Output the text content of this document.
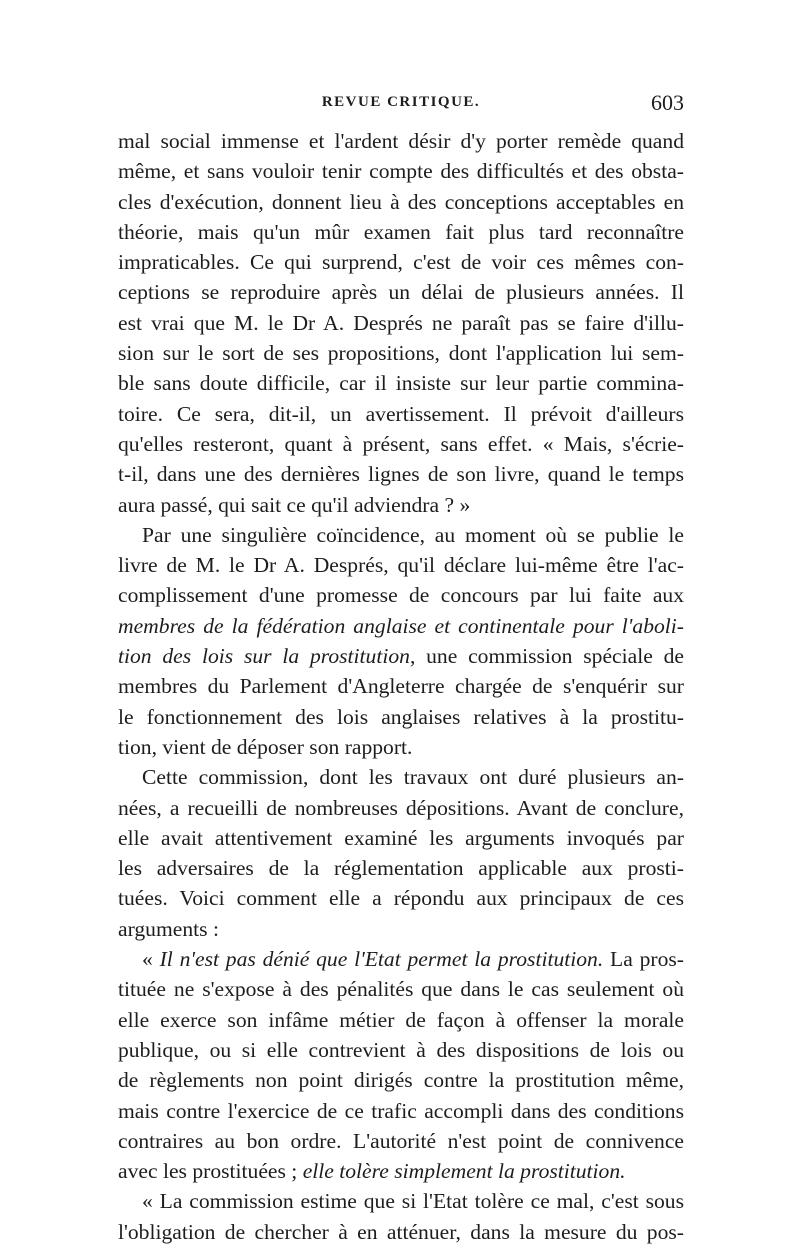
REVUE CRITIQUE.	603
mal social immense et l'ardent désir d'y porter remède quand
même, et sans vouloir tenir compte des difficultés et des obsta-
cles d'exécution, donnent lieu à des conceptions acceptables en
théorie, mais qu'un mûr examen fait plus tard reconnaître
impraticables. Ce qui surprend, c'est de voir ces mêmes con-
ceptions se reproduire après un délai de plusieurs années. Il
est vrai que M. le Dr A. Després ne paraît pas se faire d'illu-
sion sur le sort de ses propositions, dont l'application lui sem-
ble sans doute difficile, car il insiste sur leur partie commina-
toire. Ce sera, dit-il, un avertissement. Il prévoit d'ailleurs
qu'elles resteront, quant à présent, sans effet. « Mais, s'écrie-
t-il, dans une des dernières lignes de son livre, quand le temps
aura passé, qui sait ce qu'il adviendra ? »
Par une singulière coïncidence, au moment où se publie le
livre de M. le Dr A. Després, qu'il déclare lui-même être l'ac-
complissement d'une promesse de concours par lui faite aux
membres de la fédération anglaise et continentale pour l'aboli-
tion des lois sur la prostitution, une commission spéciale de
membres du Parlement d'Angleterre chargée de s'enquérir sur
le fonctionnement des lois anglaises relatives à la prostitu-
tion, vient de déposer son rapport.
Cette commission, dont les travaux ont duré plusieurs an-
nées, a recueilli de nombreuses dépositions. Avant de conclure,
elle avait attentivement examiné les arguments invoqués par
les adversaires de la réglementation applicable aux prosti-
tuées. Voici comment elle a répondu aux principaux de ces
arguments :
« Il n'est pas dénié que l'Etat permet la prostitution. La pros-
tituée ne s'expose à des pénalités que dans le cas seulement où
elle exerce son infâme métier de façon à offenser la morale
publique, ou si elle contrevient à des dispositions de lois ou
de règlements non point dirigés contre la prostitution même,
mais contre l'exercice de ce trafic accompli dans des conditions
contraires au bon ordre. L'autorité n'est point de connivence
avec les prostituées ; elle tolère simplement la prostitution.
« La commission estime que si l'Etat tolère ce mal, c'est sous
l'obligation de chercher à en atténuer, dans la mesure du pos-
